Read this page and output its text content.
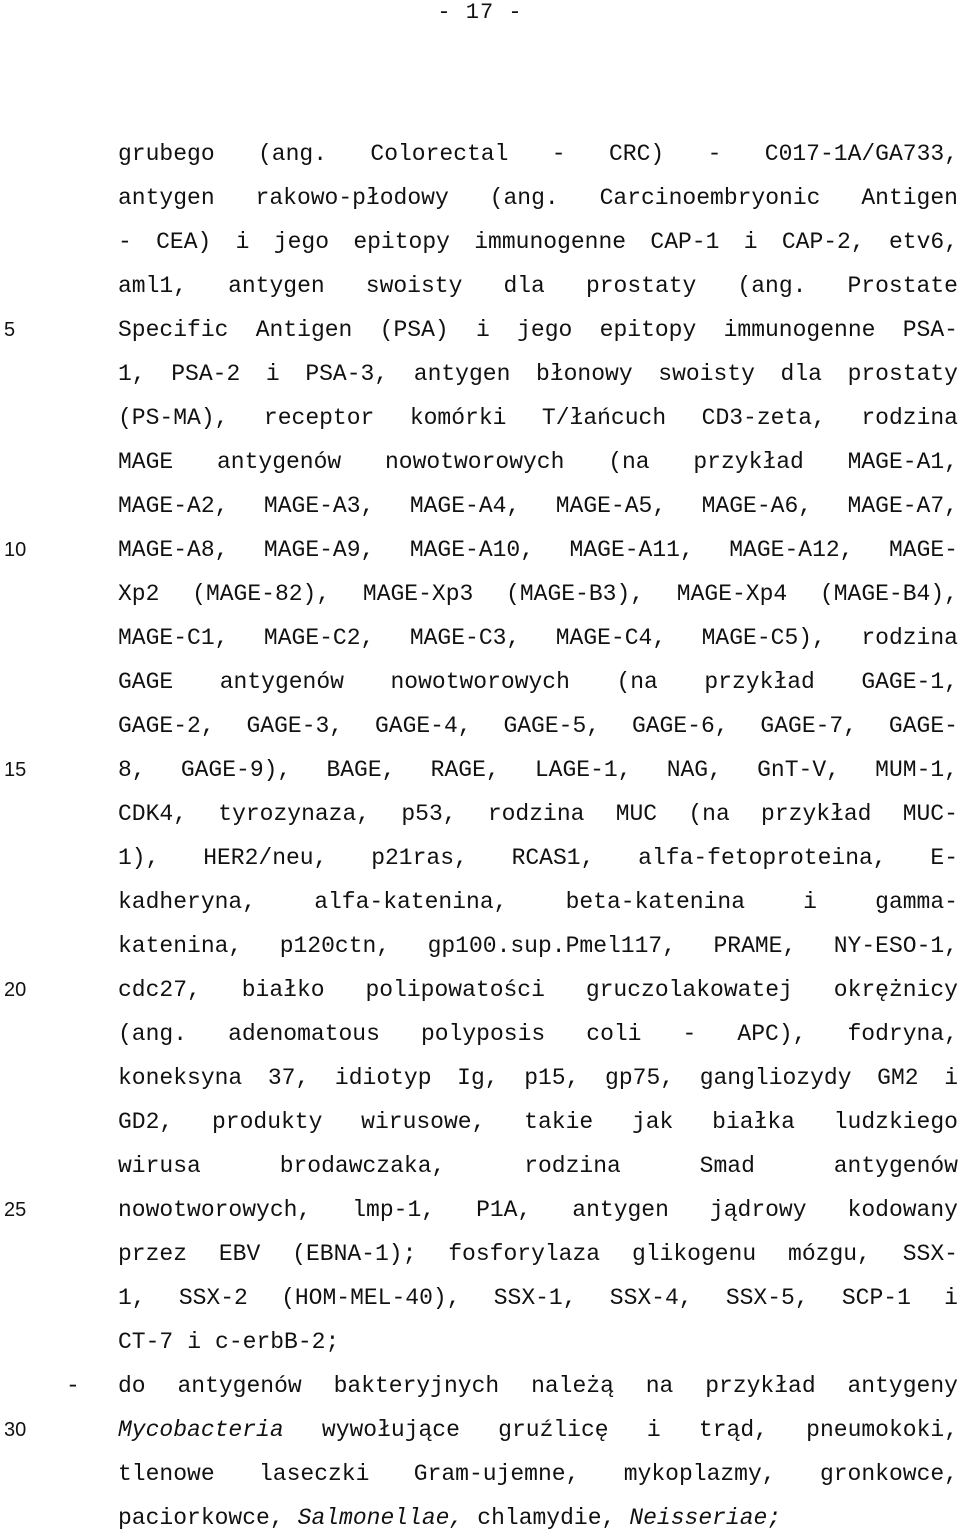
- 17 -
5
10
15
20
25
30
-
grubego (ang. Colorectal - CRC) - C017-1A/GA733,
antygen rakowo-płodowy (ang. Carcinoembryonic Antigen
- CEA) i jego epitopy immunogenne CAP-1 i CAP-2, etv6,
aml1, antygen swoisty dla prostaty (ang. Prostate
Specific Antigen (PSA) i jego epitopy immunogenne PSA-
1, PSA-2 i PSA-3, antygen błonowy swoisty dla prostaty
(PS-MA), receptor komórki T/łańcuch CD3-zeta, rodzina
MAGE antygenów nowotworowych (na przykład MAGE-A1,
MAGE-A2, MAGE-A3, MAGE-A4, MAGE-A5, MAGE-A6, MAGE-A7,
MAGE-A8, MAGE-A9, MAGE-A10, MAGE-A11, MAGE-A12, MAGE-
Xp2 (MAGE-82), MAGE-Xp3 (MAGE-B3), MAGE-Xp4 (MAGE-B4),
MAGE-C1, MAGE-C2, MAGE-C3, MAGE-C4, MAGE-C5), rodzina
GAGE antygenów nowotworowych (na przykład GAGE-1,
GAGE-2, GAGE-3, GAGE-4, GAGE-5, GAGE-6, GAGE-7, GAGE-
8, GAGE-9), BAGE, RAGE, LAGE-1, NAG, GnT-V, MUM-1,
CDK4, tyrozynaza, p53, rodzina MUC (na przykład MUC-
1), HER2/neu, p21ras, RCAS1, alfa-fetoproteina, E-
kadheryna,	alfa-katenina,	beta-katenina	i	gamma-
katenina, p120ctn, gp100.sup.Pmel117, PRAME, NY-ESO-1,
cdc27, białko polipowatości gruczolakowatej okrężnicy
(ang. adenomatous polyposis coli - APC), fodryna,
koneksyna 37, idiotyp Ig, p15, gp75, gangliozydy GM2 i
GD2, produkty wirusowe, takie jak białka ludzkiego
wirusa	brodawczaka,	rodzina	Smad	antygenów
nowotworowych, lmp-1, P1A, antygen jądrowy kodowany
przez EBV (EBNA-1); fosforylaza glikogenu mózgu, SSX-
1, SSX-2 (HOM-MEL-40), SSX-1, SSX-4, SSX-5, SCP-1 i
CT-7 i c-erbB-2;
do antygenów bakteryjnych należą na przykład antygeny
Mycobacteria wywołujące gruźlicę i trąd, pneumokoki,
tlenowe laseczki Gram-ujemne, mykoplazmy, gronkowce,
paciorkowce, Salmonellae, chlamydie, Neisseriae;
